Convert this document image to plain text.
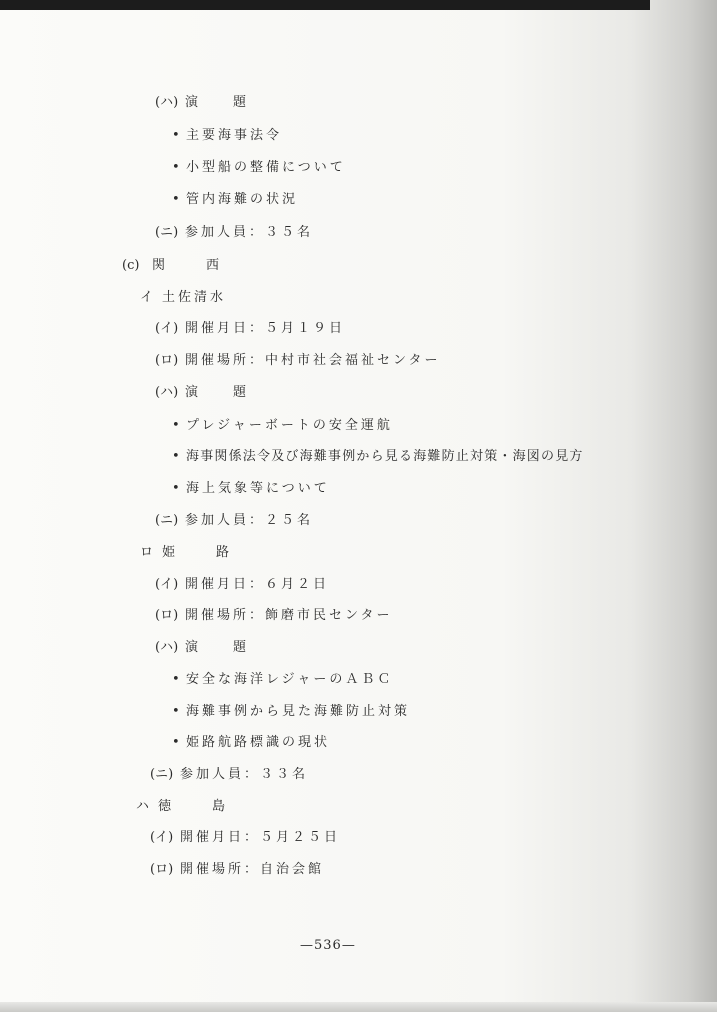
(ハ) 演　　題
• 主要海事法令
• 小型船の整備について
• 管内海難の状況
(ニ) 参加人員：３５名
(c) 関　西
イ 土佐清水
(イ) 開催月日：５月１９日
(ロ) 開催場所：中村市社会福祉センター
(ハ) 演　　題
• プレジャーボートの安全運航
• 海事関係法令及び海難事例から見る海難防止対策・海図の見方
• 海上気象等について
(ニ) 参加人員：２５名
ロ 姫　路
(イ) 開催月日：６月２日
(ロ) 開催場所：飾磨市民センター
(ハ) 演　　題
• 安全な海洋レジャーのＡＢＣ
• 海難事例から見た海難防止対策
• 姫路航路標識の現状
(ニ) 参加人員：３３名
ハ 徳　島
(イ) 開催月日：５月２５日
(ロ) 開催場所：自治会館
—536—
